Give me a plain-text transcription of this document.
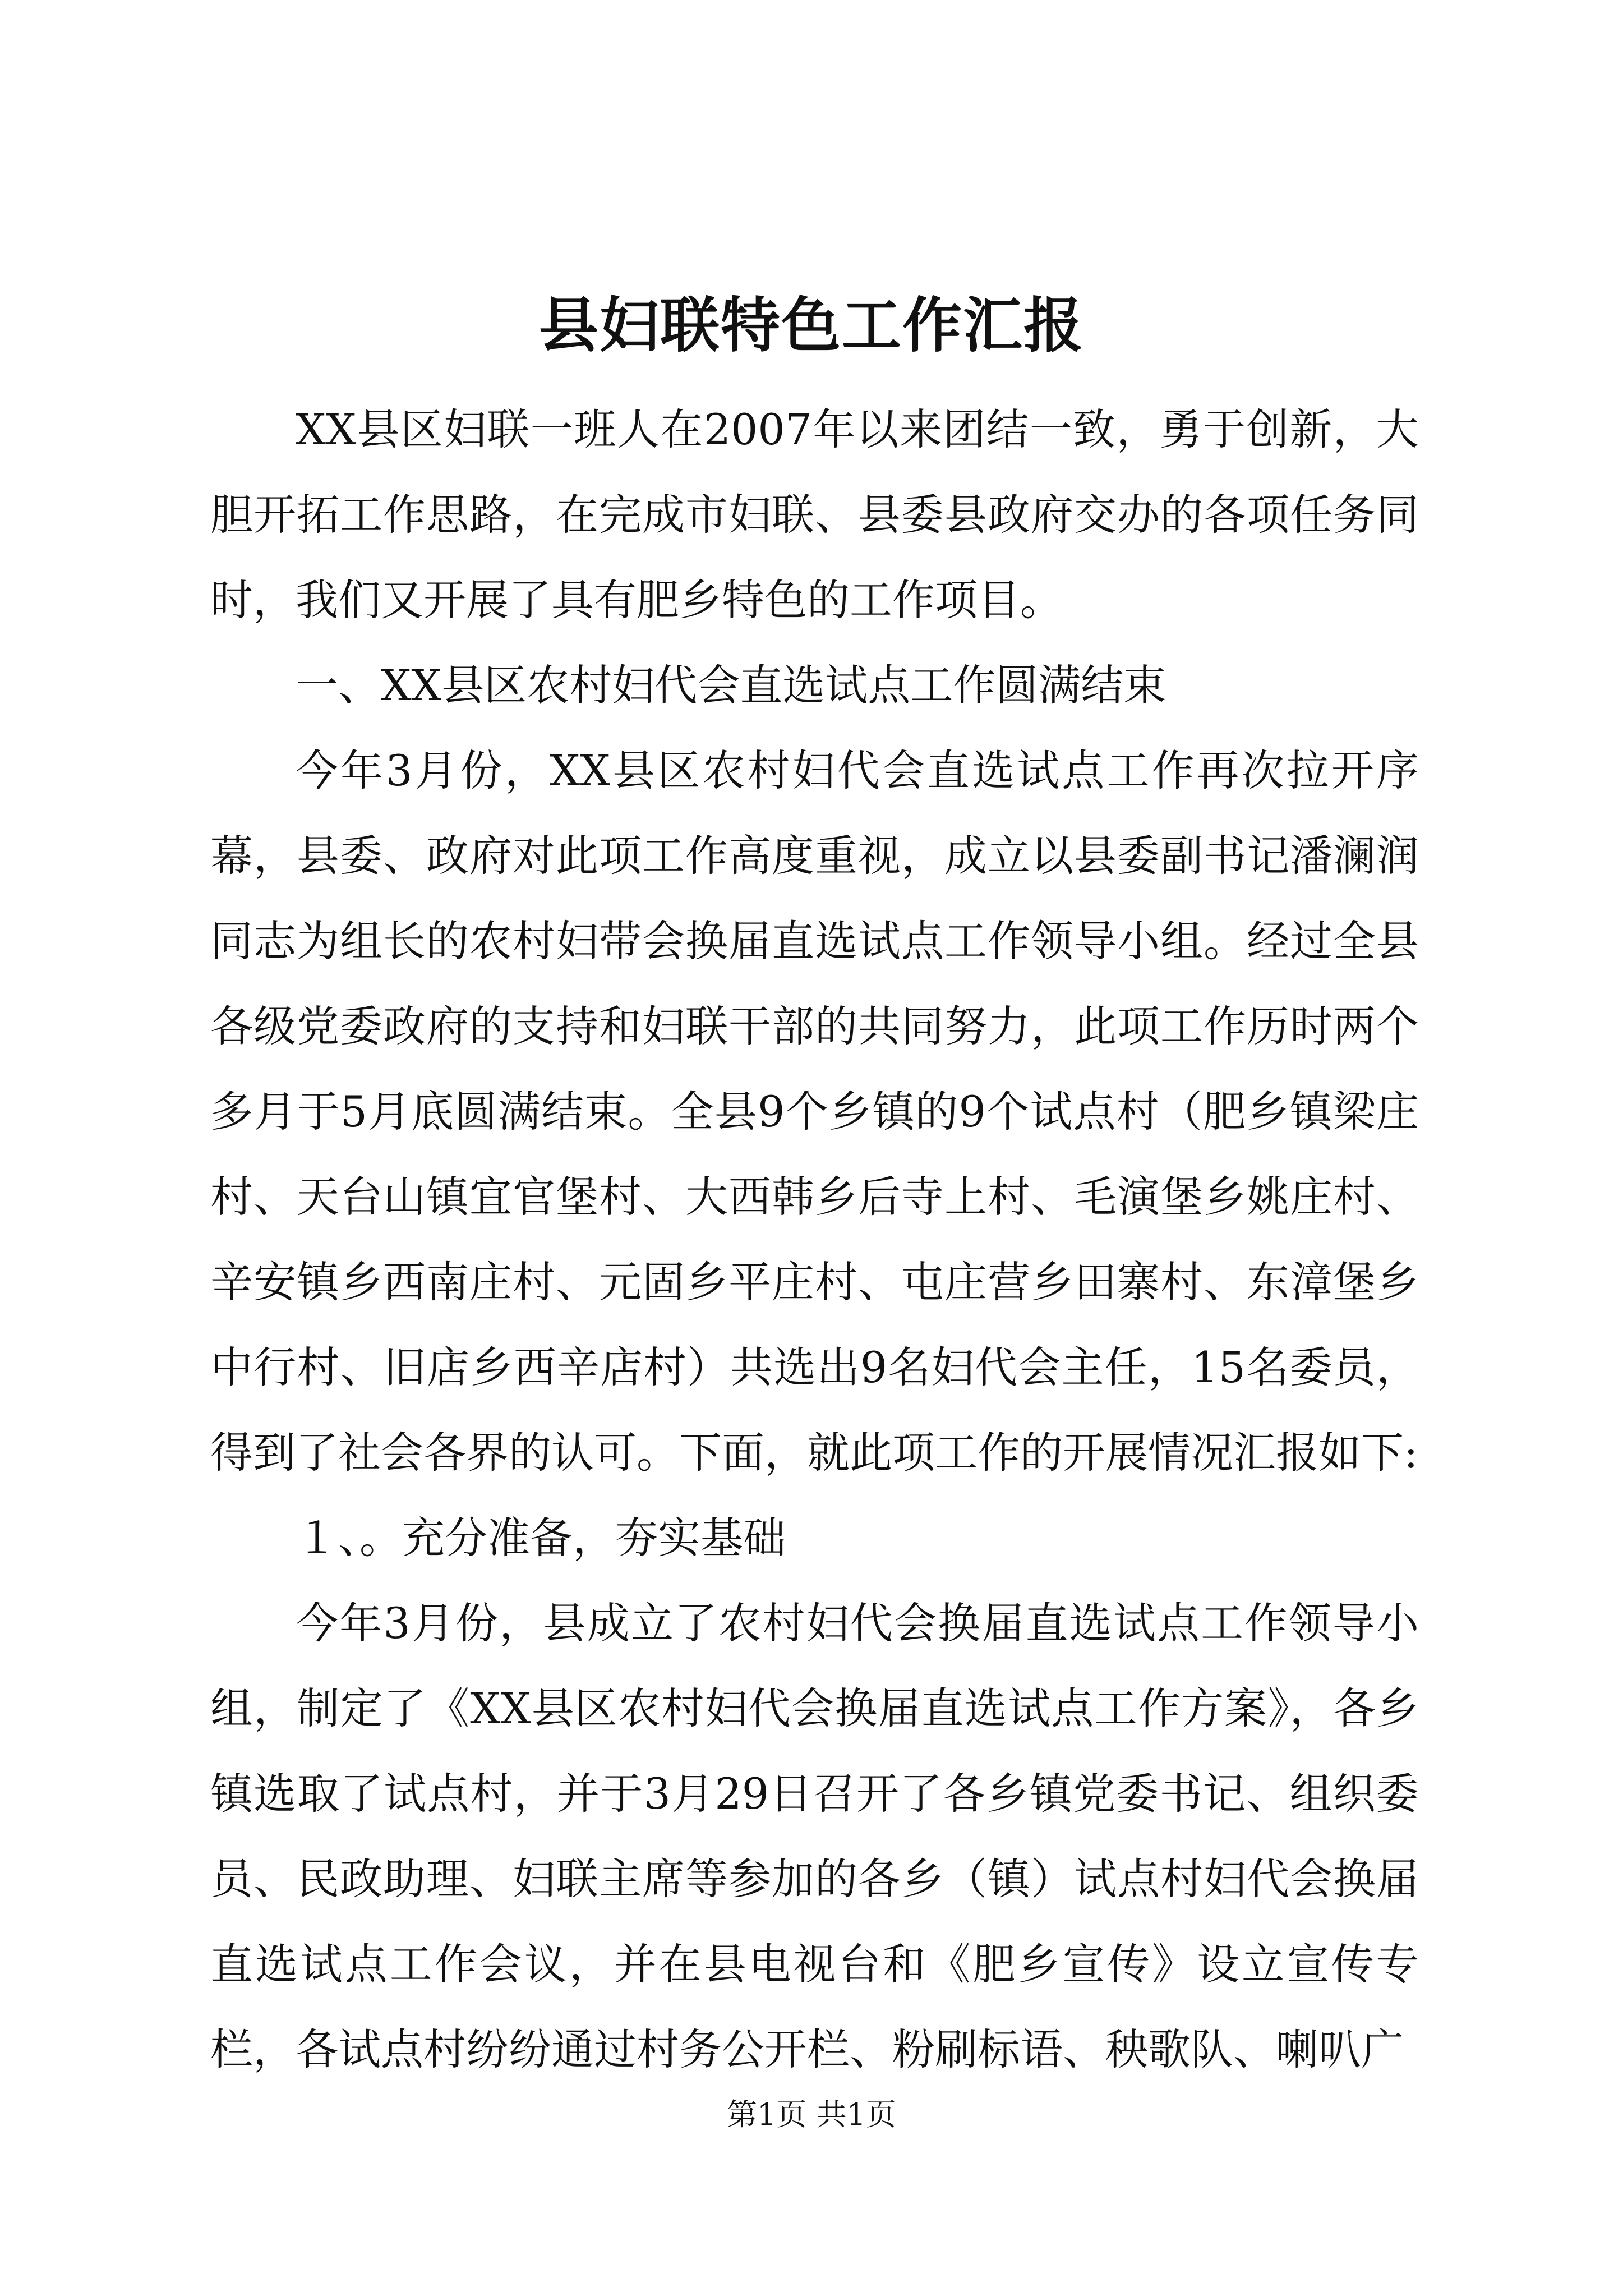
县妇联特色工作汇报

XX县区妇联一班人在2007年以来团结一致，勇于创新，大胆开拓工作思路，在完成市妇联、县委县政府交办的各项任务同时，我们又开展了具有肥乡特色的工作项目。

一、XX县区农村妇代会直选试点工作圆满结束

今年3月份，XX县区农村妇代会直选试点工作再次拉开序幕，县委、政府对此项工作高度重视，成立以县委副书记潘澜润同志为组长的农村妇带会换届直选试点工作领导小组。经过全县各级党委政府的支持和妇联干部的共同努力，此项工作历时两个多月于5月底圆满结束。全县9个乡镇的9个试点村（肥乡镇梁庄村、天台山镇宜官堡村、大西韩乡后寺上村、毛演堡乡姚庄村、辛安镇乡西南庄村、元固乡平庄村、屯庄营乡田寨村、东漳堡乡中行村、旧店乡西辛店村）共选出9名妇代会主任，15名委员，得到了社会各界的认可。下面，就此项工作的开展情况汇报如下:

１、。充分准备，夯实基础

今年3月份，县成立了农村妇代会换届直选试点工作领导小组，制定了《XX县区农村妇代会换届直选试点工作方案》，各乡镇选取了试点村，并于3月29日召开了各乡镇党委书记、组织委员、民政助理、妇联主席等参加的各乡（镇）试点村妇代会换届直选试点工作会议，并在县电视台和《肥乡宣传》设立宣传专栏，各试点村纷纷通过村务公开栏、粉刷标语、秧歌队、喇叭广

第1页 共1页
